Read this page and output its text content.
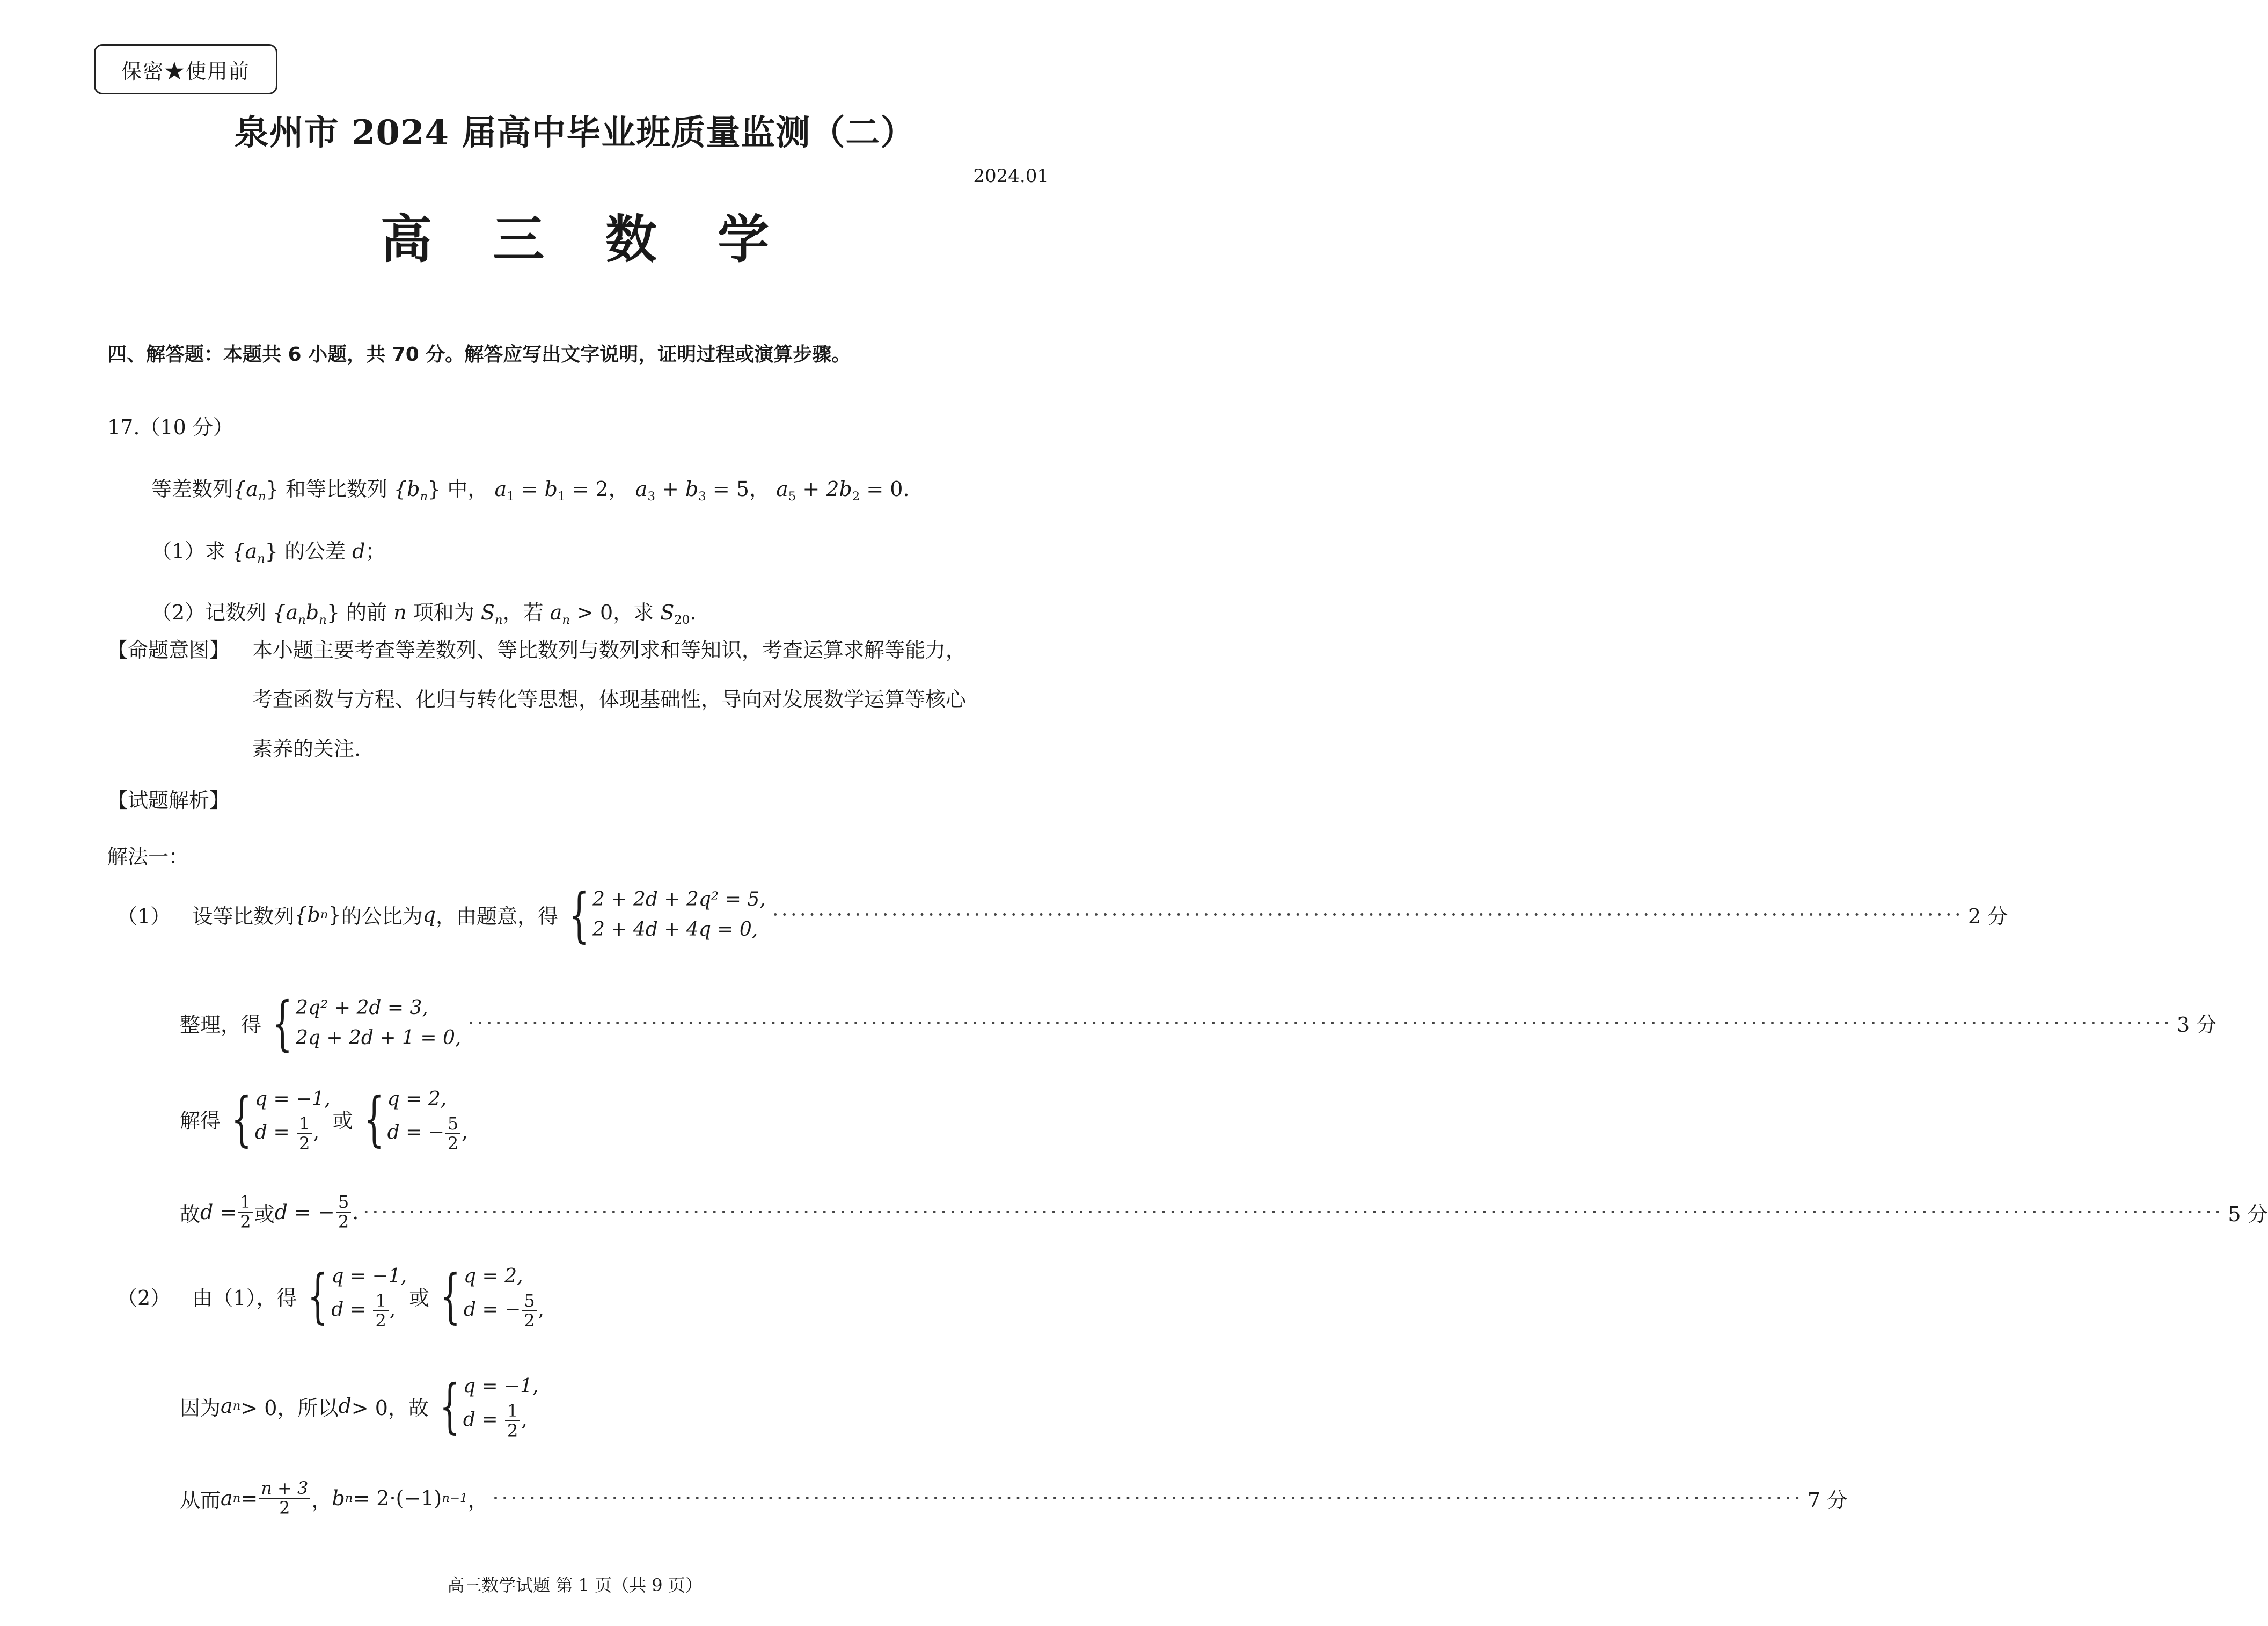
保密★使用前
泉州市 2024 届高中毕业班质量监测（二）
2024.01
高 三 数 学
四、解答题：本题共 6 小题，共 70 分。解答应写出文字说明，证明过程或演算步骤。
17.（10 分）
等差数列$\{a_n\}$ 和等比数列 $\{b_n\}$ 中， $a_1 = b_1 = 2$， $a_3 + b_3 = 5$， $a_5 + 2b_2 = 0$.
（1）求 $\{a_n\}$ 的公差 d；
（2）记数列 $\{a_nb_n\}$ 的前 n 项和为 $S_n$，若 $a_n > 0$，求 $S_{20}$.
【命题意图】 本小题主要考查等差数列、等比数列与数列求和等知识，考查运算求解等能力，
考查函数与方程、化归与转化等思想，体现基础性，导向对发展数学运算等核心
素养的关注.
【试题解析】
解法一：
（1） 设等比数列 {b n } 的公比为 q ，由题意，得 { 2 + 2d + 2q² = 5,
2 + 4d + 4q = 0,
·································································································································· 2 分
整理，得 { 2q² + 2d = 3,
2q + 2d + 1 = 0,
·························································································································································································· 3 分
解得 { q = −1,
$d = \frac{1}{2}$ , 或 { q = 2,
d = − $\frac{5}{2}$ ,
故 $d = \frac{1}{2}$ 或 d = − $\frac{5}{2}$ . ··········································································································································································································· 5 分
（2） 由（1），得 { q = −1,
$d = \frac{1}{2}$ , 或 { q = 2,
d = − $\frac{5}{2}$ ,
因为 a n > 0，所以 d > 0，故 { q = −1,
$d = \frac{1}{2}$ ,
从而 a $n = \frac{n + 3}{2}$ ， b n = 2·(−1) n−1 ， ··············································································································································· 7 分
高三数学试题 第 1 页（共 9 页）
